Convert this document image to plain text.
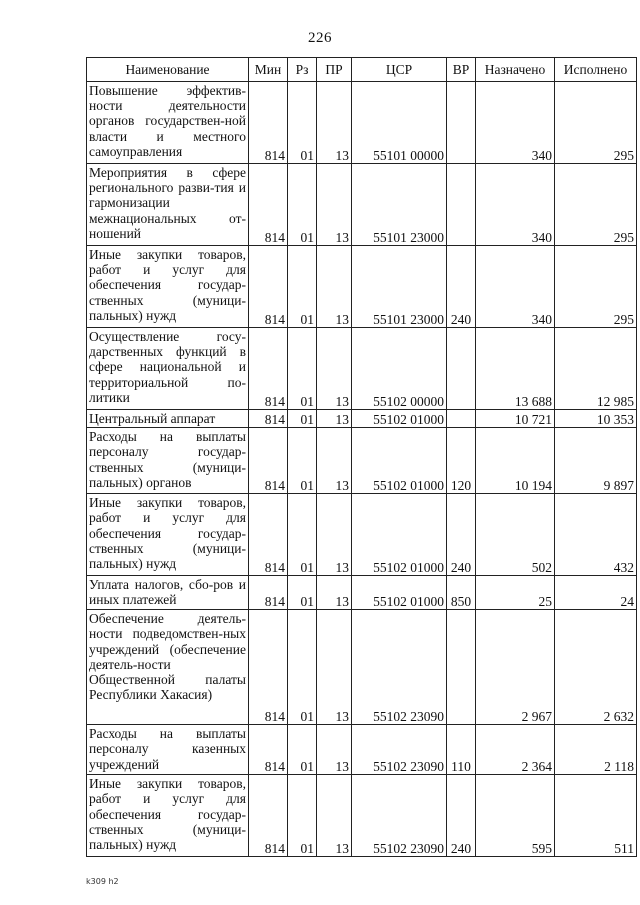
226
Наименование	Мин	Рз	ПР	ЦСР	ВР	Назначено	Исполнено
Повышение эффектив-ности деятельности органов государствен-ной власти и местного самоуправления	814	01	13	55101 00000		340	295
Мероприятия в сфере регионального разви-тия и гармонизации межнациональных от-ношений	814	01	13	55101 23000		340	295
Иные закупки товаров, работ и услуг для обеспечения государ-ственных (муници-пальных) нужд	814	01	13	55101 23000	240	340	295
Осуществление госу-дарственных функций в сфере национальной и территориальной по-литики	814	01	13	55102 00000		13 688	12 985
Центральный аппарат	814	01	13	55102 01000		10 721	10 353
Расходы на выплаты персоналу государ-ственных (муници-пальных) органов	814	01	13	55102 01000	120	10 194	9 897
Иные закупки товаров, работ и услуг для обеспечения государ-ственных (муници-пальных) нужд	814	01	13	55102 01000	240	502	432
Уплата налогов, сбо-ров и иных платежей	814	01	13	55102 01000	850	25	24
Обеспечение деятель-ности подведомствен-ных учреждений (обеспечение деятель-ности Общественной палаты Республики Хакасия)	814	01	13	55102 23090		2 967	2 632
Расходы на выплаты персоналу казенных учреждений	814	01	13	55102 23090	110	2 364	2 118
Иные закупки товаров, работ и услуг для обеспечения государ-ственных (муници-пальных) нужд	814	01	13	55102 23090	240	595	511
k309 h2
